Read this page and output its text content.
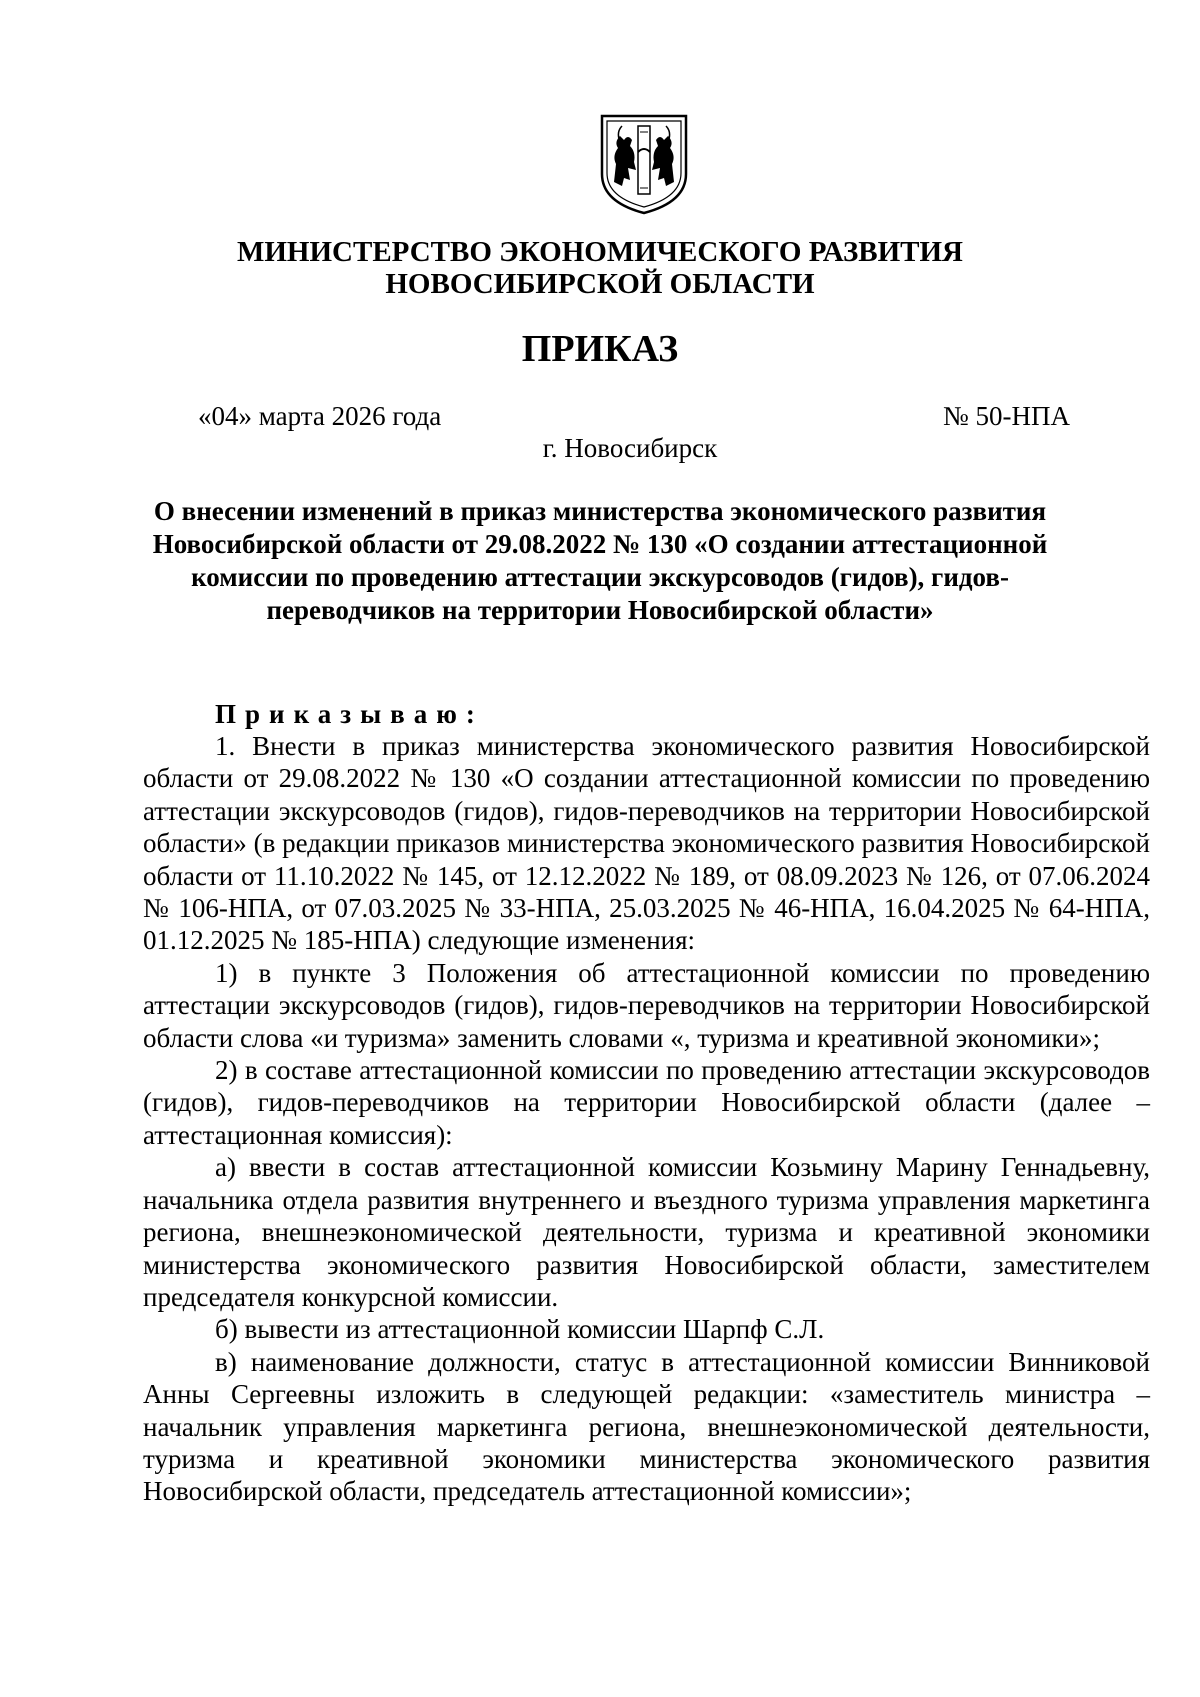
МИНИСТЕРСТВО ЭКОНОМИЧЕСКОГО РАЗВИТИЯ
НОВОСИБИРСКОЙ ОБЛАСТИ
ПРИКАЗ
«04» марта 2026 года	№ 50-НПА
г. Новосибирск
О внесении изменений в приказ министерства экономического развития
Новосибирской области от 29.08.2022 № 130 «О создании аттестационной
комиссии по проведению аттестации экскурсоводов (гидов), гидов-
переводчиков на территории Новосибирской области»
Приказываю:

1. Внести в приказ министерства экономического развития Новосибирской области от 29.08.2022 № 130 «О создании аттестационной комиссии по проведению аттестации экскурсоводов (гидов), гидов-переводчиков на территории Новосибирской области» (в редакции приказов министерства экономического развития Новосибирской области от 11.10.2022 № 145, от 12.12.2022 № 189, от 08.09.2023 № 126, от 07.06.2024 № 106-НПА, от 07.03.2025 № 33-НПА, 25.03.2025 № 46-НПА, 16.04.2025 № 64-НПА, 01.12.2025 № 185-НПА) следующие изменения:

1) в пункте 3 Положения об аттестационной комиссии по проведению аттестации экскурсоводов (гидов), гидов-переводчиков на территории Новосибирской области слова «и туризма» заменить словами «, туризма и креативной экономики»;

2) в составе аттестационной комиссии по проведению аттестации экскурсоводов (гидов), гидов-переводчиков на территории Новосибирской области (далее – аттестационная комиссия):

а) ввести в состав аттестационной комиссии Козьмину Марину Геннадьевну, начальника отдела развития внутреннего и въездного туризма управления маркетинга региона, внешнеэкономической деятельности, туризма и креативной экономики министерства экономического развития Новосибирской области, заместителем председателя конкурсной комиссии.

б) вывести из аттестационной комиссии Шарпф С.Л.

в) наименование должности, статус в аттестационной комиссии Винниковой Анны Сергеевны изложить в следующей редакции: «заместитель министра – начальник управления маркетинга региона, внешнеэкономической деятельности, туризма и креативной экономики министерства экономического развития Новосибирской области, председатель аттестационной комиссии»;
